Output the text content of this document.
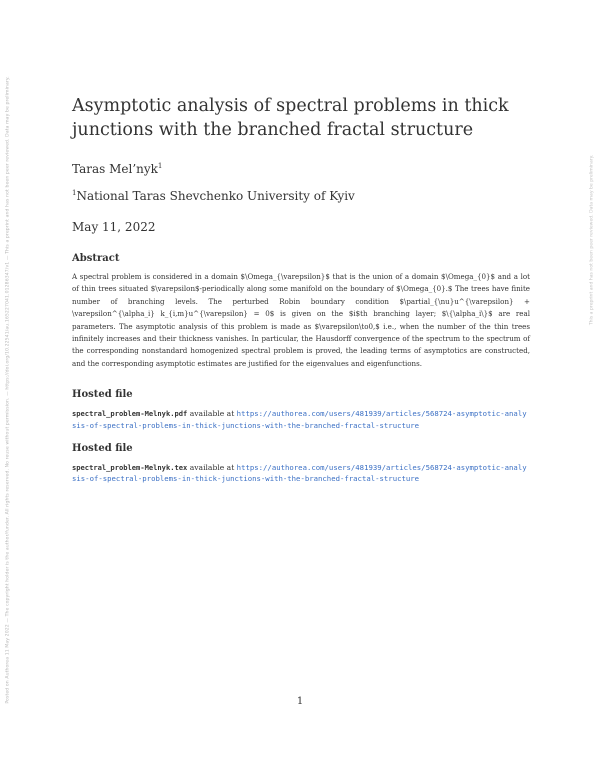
Posted on Authorea 11 May 2022 — The copyright holder is the author/funder. All rights reserved. No reuse without permission. — https://doi.org/10.22541/au.165227041.01286347/v1 — This a preprint and has not been peer reviewed. Data may be preliminary.	This a preprint and has not been peer reviewed. Data may be preliminary.
Asymptotic analysis of spectral problems in thick junctions with the branched fractal structure
Taras Mel’nyk$^1$
$^1$National Taras Shevchenko University of Kyiv
May 11, 2022
Abstract
A spectral problem is considered in a domain $\Omega_{\varepsilon}$ that is the union of a domain $\Omega_{0}$ and a lot of thin trees situated $\varepsilon$-periodically along some manifold on the boundary of $\Omega_{0}.$ The trees have finite number of branching levels. The perturbed Robin boundary condition $\partial_{\nu}u^{\varepsilon} + \varepsilon^{\alpha_i} k_{i,m}u^{\varepsilon} = 0$ is given on the $i$th branching layer; $\{\alpha_i\}$ are real parameters. The asymptotic analysis of this problem is made as $\varepsilon\to0,$ i.e., when the number of the thin trees infinitely increases and their thickness vanishes. In particular, the Hausdorff convergence of the spectrum to the spectrum of the corresponding nonstandard homogenized spectral problem is proved, the leading terms of asymptotics are constructed, and the corresponding asymptotic estimates are justified for the eigenvalues and eigenfunctions.
Hosted file
spectral_problem-Melnyk.pdf available at https://authorea.com/users/481939/articles/568724-asymptotic-analysis-of-spectral-problems-in-thick-junctions-with-the-branched-fractal-structure
Hosted file
spectral_problem-Melnyk.tex available at https://authorea.com/users/481939/articles/568724-asymptotic-analysis-of-spectral-problems-in-thick-junctions-with-the-branched-fractal-structure
1
